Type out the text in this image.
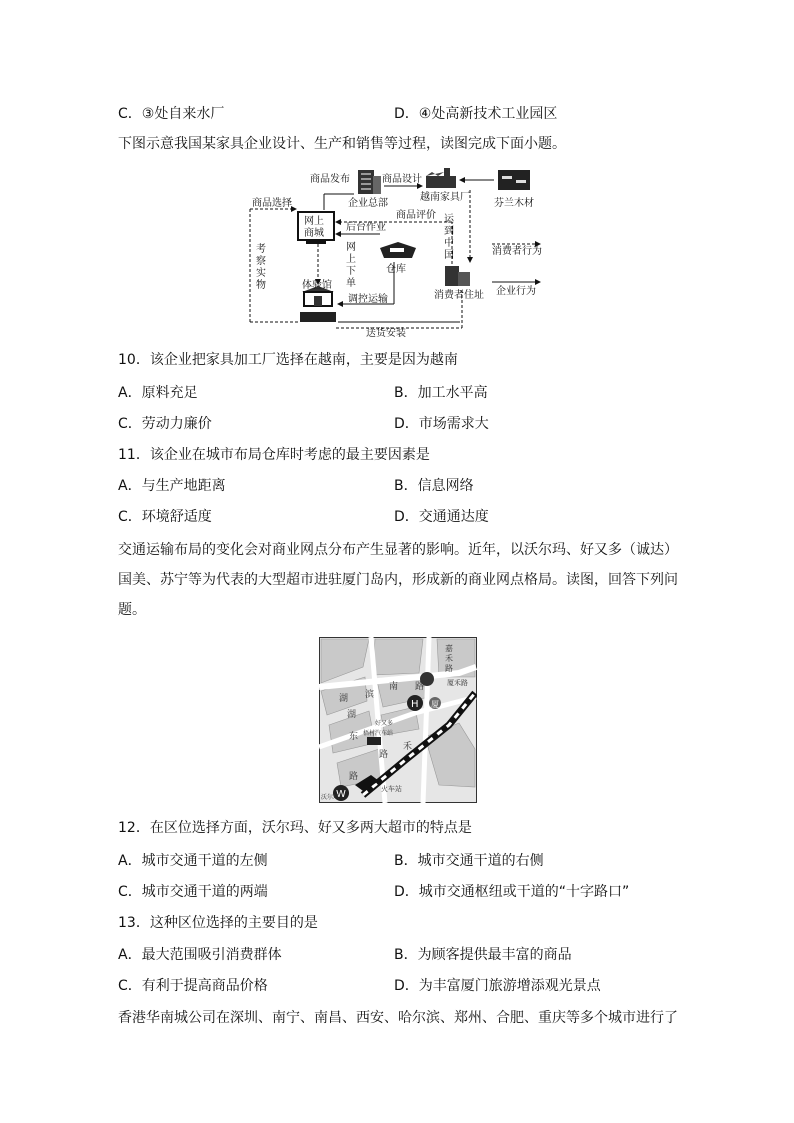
C．③处自来水厂	D．④处高新技术工业园区
下图示意我国某家具企业设计、生产和销售等过程，读图完成下面小题。
商品发布	商品设计
企业总部
越南家具厂
芬兰木材
商品选择
网上
商城
商品评价
后台作业
运
到
中
国
考
察
实
物
网
上
下
单
仓库
消费者行为
体验馆
调控运输	消费者住址 企业行为
送货安装
10．该企业把家具加工厂选择在越南，主要是因为越南
A．原料充足	B．加工水平高
C．劳动力廉价	D．市场需求大
11．该企业在城市布局仓库时考虑的最主要因素是
A．与生产地距离	B．信息网络
C．环境舒适度	D．交通通达度
交通运输布局的变化会对商业网点分布产生显著的影响。近年，以沃尔玛、好又多（诚达）
国美、苏宁等为代表的大型超市进驻厦门岛内，形成新的商业网点格局。读图，回答下列问
题。
H
W
厦
嘉
禾
路
厦禾路
路
南
滨
湖
湖
东
禾
路
路
好又多
梧村汽车站
沃尔玛
火车站
12．在区位选择方面，沃尔玛、好又多两大超市的特点是
A．城市交通干道的左侧	B．城市交通干道的右侧
C．城市交通干道的两端	D．城市交通枢纽或干道的“十字路口”
13．这种区位选择的主要目的是
A．最大范围吸引消费群体	B．为顾客提供最丰富的商品
C．有利于提高商品价格	D．为丰富厦门旅游增添观光景点
香港华南城公司在深圳、南宁、南昌、西安、哈尔滨、郑州、合肥、重庆等多个城市进行了
